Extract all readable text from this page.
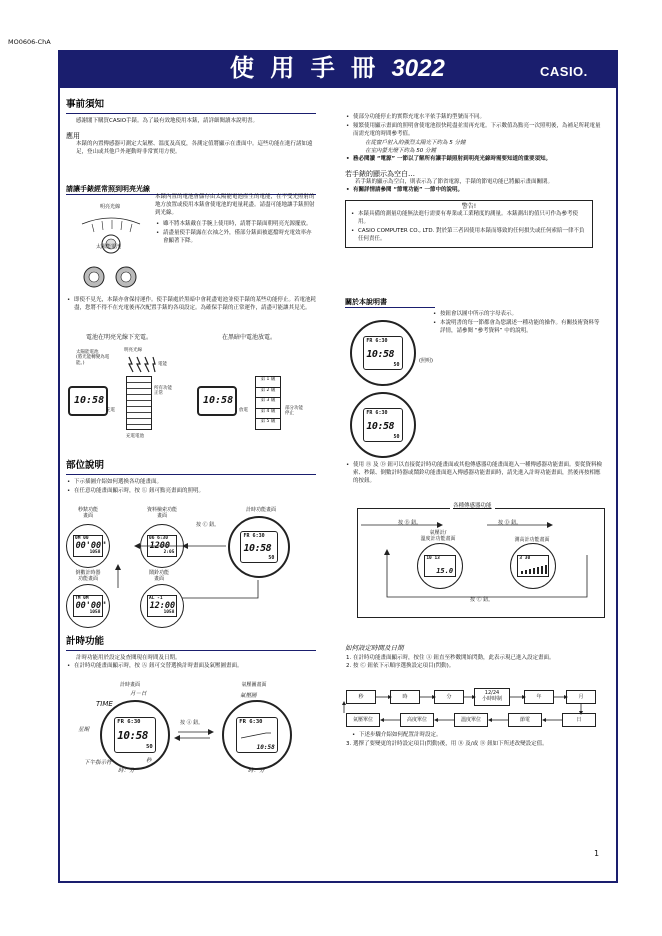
MO0606-ChA
使 用 手 冊 3022	CASIO.
事前須知
感謝閣下購買CASIO手錶。為了最有效地使用本錶，請詳細閱讀本說明書。
應用
本錶的內置傳感器可測定大氣壓、溫度及高度，各測定值將顯示在畫面中。這些功能在進行諸如遠足，登山或其他戶外運動時非常實用方便。
請讓手錶經常照到明亮光線
明亮光線
太陽能電池
本錶內置的電池會儲存由太陽能電池產生的電能，在不受光照射的地方放置或使用本錶會使電池的電量耗盡。請盡可能地讓手錶照射到光線。
• 雖不將本錶戴在手腕上使用時，請將手錶面朝明亮光源擺放。
• 請盡量使手錶露在衣袖之外，僅部分錶面被遮擋時充電效率亦會顯著下降。
• 即使不見光，本錶亦會保持運作。使手錶處於黑暗中會耗盡電池並使手錶的某些功能停止。若電池耗盡，您將不得不在充電後再次配置手錶的各項設定。為確保手錶的正常運作，請盡可能讓其見光。
電池在明亮光線下充電。	在黑暗中電池放電。
太陽能電池
(將光能轉變為電能。)
明亮光線
電能
10:58
所有功能
正常
充電
充電電池
10:58
第 1 級
第 2 級
第 3 級
第 4 級
第 5 級
放電	部分功能
停止
部位說明
• 下示插圖介紹如何選換各功能畫面。
• 在任意功能畫面顯示時，按 Ⓛ 鈕可點亮畫面的照明。
秒錶功能
畫面
資料檢索功能
畫面
計時功能畫面
0M 00
00'00"
1058
06 6:30
1200
2:05
按 Ⓒ 鈕。
FR 6:30
10:58
50
倒數計時器
功能畫面
鬧鈴功能
畫面
TM 0M
00'00"
1058
AL -1
12:00
1058
計時功能
計時功能用於設定及查閱現在時間及日期。
• 在計時功能畫面顯示時，按 Ⓐ 鈕可交替選換計時畫面及氣壓圖畫面。
計時畫面	氣壓圖畫面
月－日
TIME
星期
FR 6:30
10:58
50
下午指示符	秒
時：分
按 Ⓐ 鈕。
氣壓圖
FR 6:30
10:58
時：分
• 使部分功能停止的實際充電水平依手錶的型號而不同。
• 頻繁使用顯示畫面的照明會使電池很快耗盡並需再充電。下示數值為點亮一次照明後，為補足所耗電量而需充電的時間參考值。
在從窗戶射入的強烈太陽光下約為 5 分鐘
在室內螢光燈下約為 50 分鐘
• 務必閱讀 “電源” 一節以了解所有讓手錶照射到明亮光線時需要知道的重要須知。
若手錶的顯示為空白…
若手錶的顯示為空白，則表示為了節省電源，手錶的節電功能已將顯示畫面關閉。
• 有關詳情請參閱 “節電功能” 一節中的說明。
警告!
• 本錶具備的測量功能無法進行需要有專業或工業精度的測量。本錶測出的值只可作為參考使用。
• CASIO COMPUTER CO., LTD. 對於第三者因使用本錶而導致的任何損失或任何索賠一律不負任何責任。
關於本說明書
• 按鈕會以圖中所示的字母表示。
• 本說明書的每一節都會為您講述一種功能的操作。有關技術資料等詳情，請參閱 “參考資料” 中的說明。
FR 6:30
10:58
50
(照明)
FR 6:30
10:58
50
• 使用 Ⓑ 及 Ⓓ 鈕可以直接從計時功能畫面或其他傳感器功能畫面進入一種傳感器功能畫面。要從資料檢索、秒錶、倒數計時器或鬧鈴功能畫面進入傳感器功能畫面時，請先進入計時功能畫面，然後再按相應的按鈕。
各種傳感器功能
按 Ⓑ 鈕。	按 Ⓓ 鈕。
氣壓計/
溫度計功能畫面	測高計功能畫面
10 13
15.0
3 30
按 Ⓒ 鈕。
如何設定時間及日期
1. 在計時功能畫面顯示時，按住 Ⓐ 鈕直至秒數開始閃動，此表示現已進入設定畫面。
2. 按 Ⓒ 鈕依下示順序選換設定項目(閃動)。
秒	時	分
12/24
小時時制	年	月
氣壓單位	高度單位	溫度單位	節電	日
• 下述步驟介紹如何配置計時設定。
3. 選擇了要變更的計時設定項目(閃動)後，用 Ⓑ 及/或 Ⓓ 鈕如下所述改變設定值。
1
